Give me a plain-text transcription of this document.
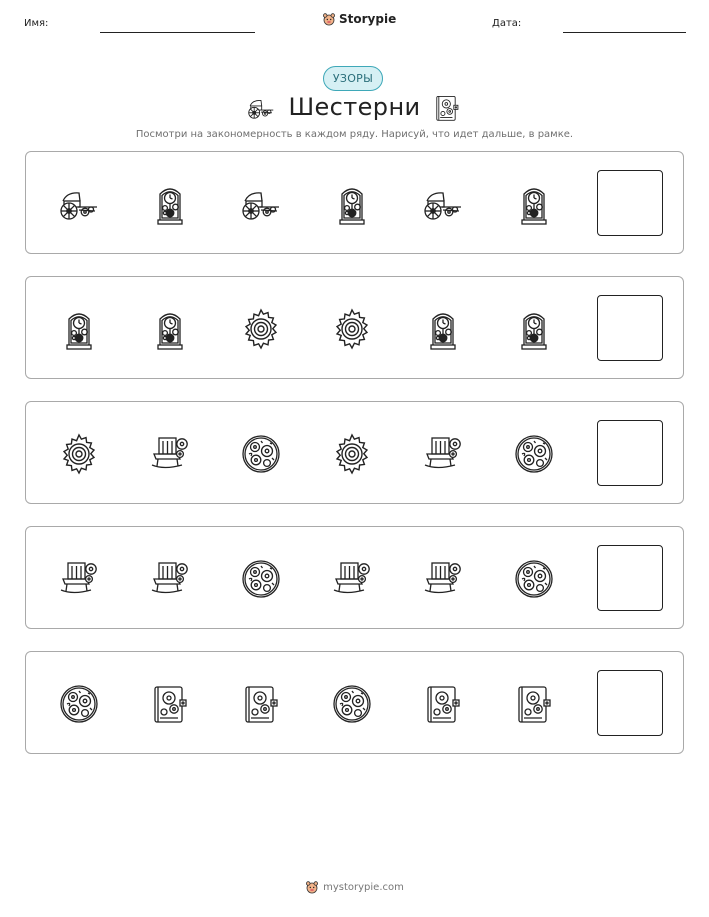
Имя:	Storypie	Дата:
УЗОРЫ
Шестерни
Посмотри на закономерность в каждом ряду. Нарисуй, что идет дальше, в рамке.
mystorypie.com
